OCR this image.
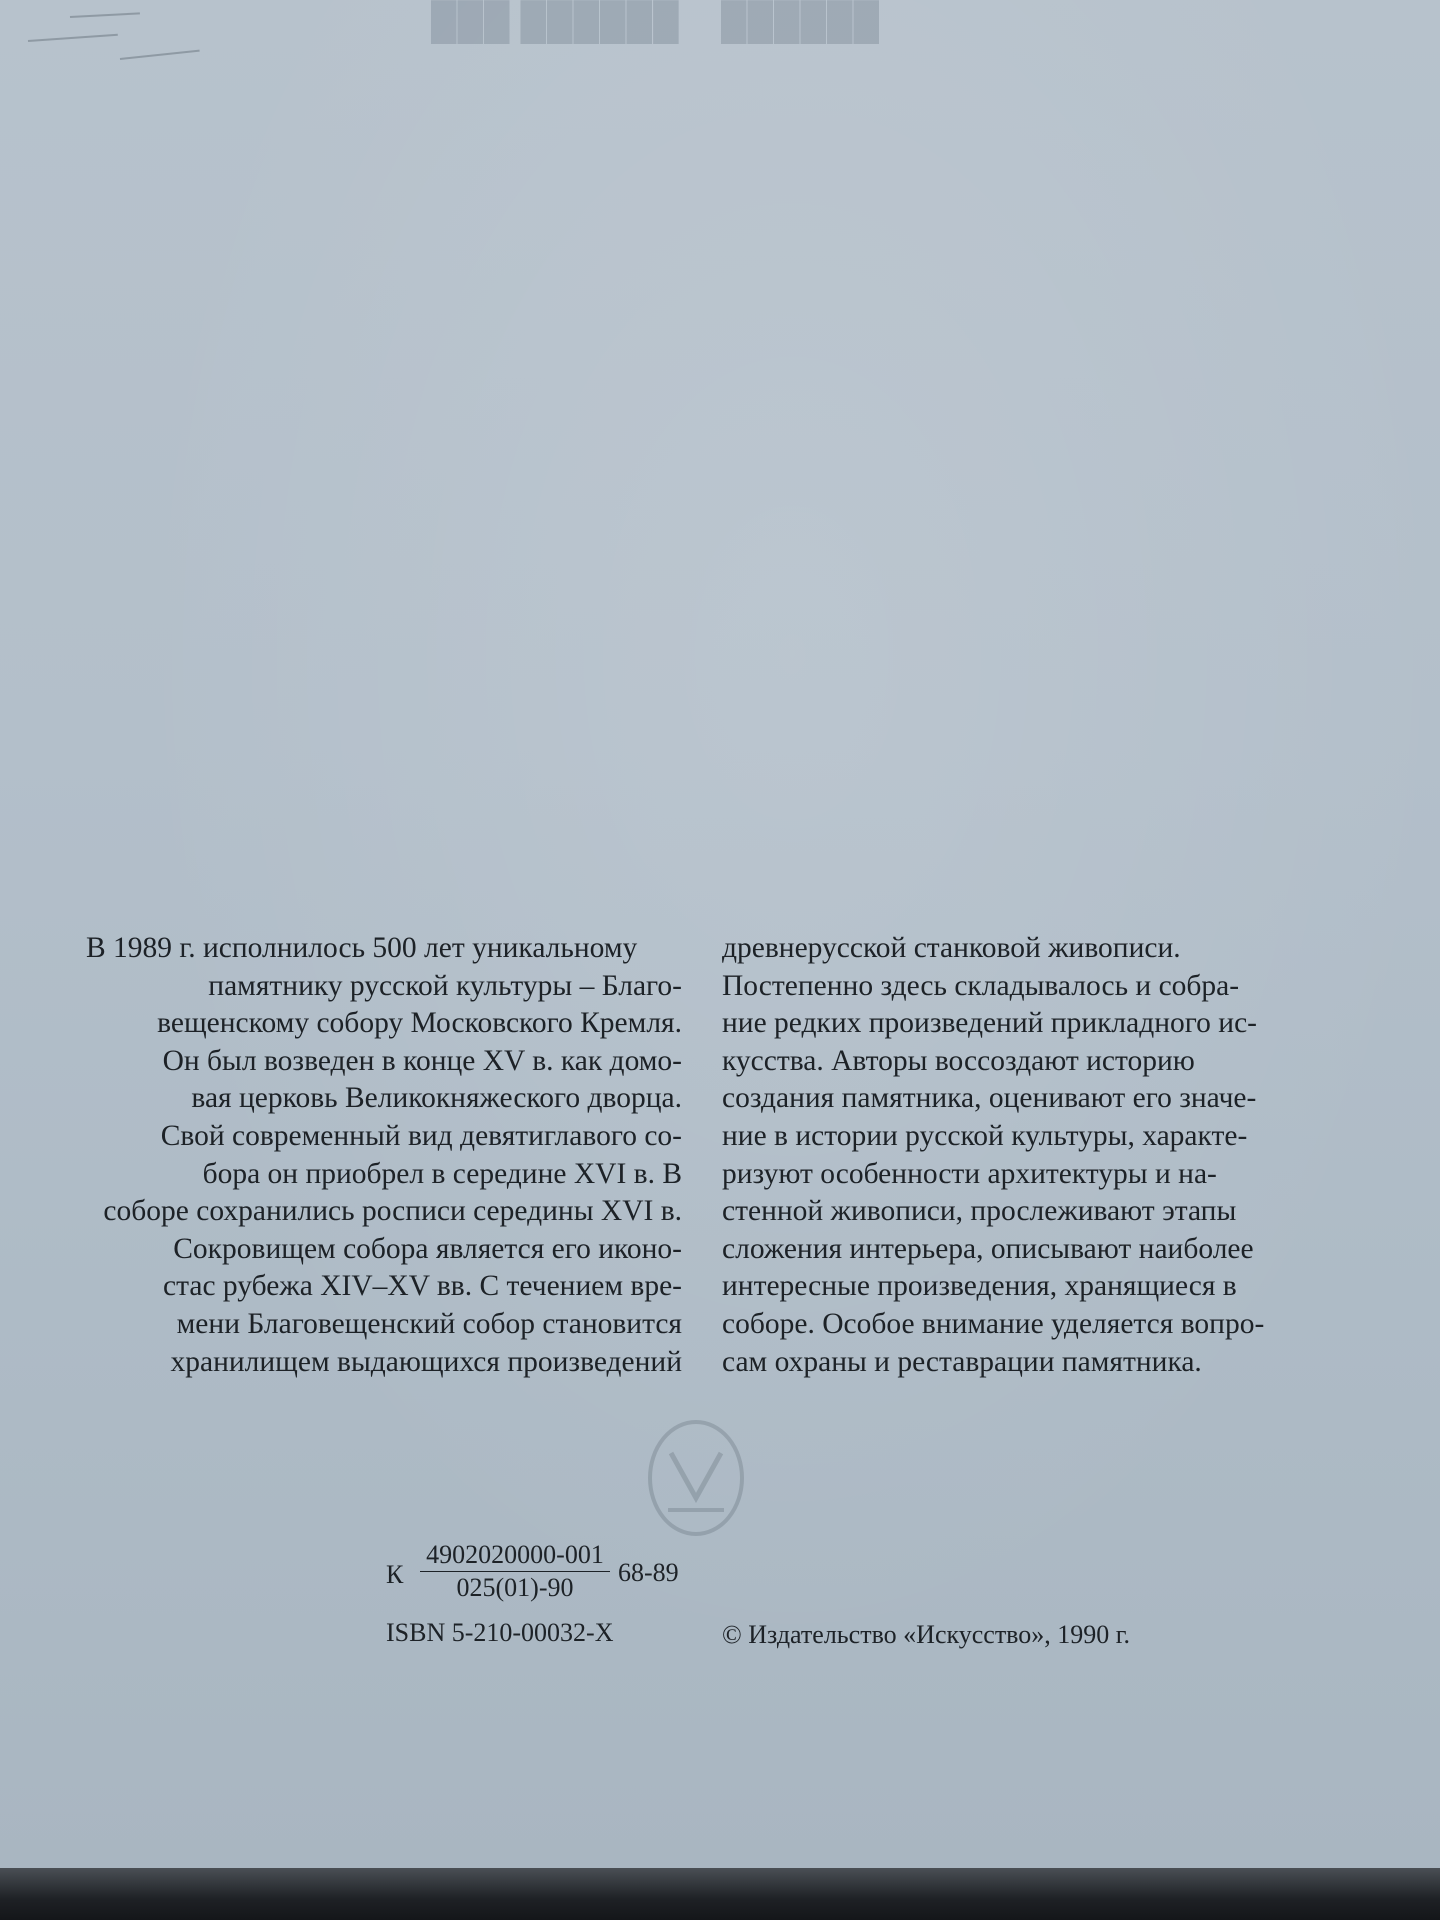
██████ ███ ██████

В 1989 г. исполнилось 500 лет уникальному

памятнику русской культуры – Благо-

вещенскому собору Московского Кремля.

Он был возведен в конце XV в. как домо-

вая церковь Великокняжеского дворца.

Свой современный вид девятиглавого со-

бора он приобрел в середине XVI в. В

соборе сохранились росписи середины XVI в.

Сокровищем собора является его иконо-

стас рубежа XIV–XV вв. С течением вре-

мени Благовещенский собор становится

хранилищем выдающихся произведений

древнерусской станковой живописи.

Постепенно здесь складывалось и собра-

ние редких произведений прикладного ис-

кусства. Авторы воссоздают историю

создания памятника, оценивают его значе-

ние в истории русской культуры, характе-

ризуют особенности архитектуры и на-

стенной живописи, прослеживают этапы

сложения интерьера, описывают наиболее

интересные произведения, хранящиеся в

соборе. Особое внимание уделяется вопро-

сам охраны и реставрации памятника.

К $\frac{4902020000-001}{025(01)-90} 68-89$
ISBN 5-210-00032-X	© Издательство «Искусство», 1990 г.
